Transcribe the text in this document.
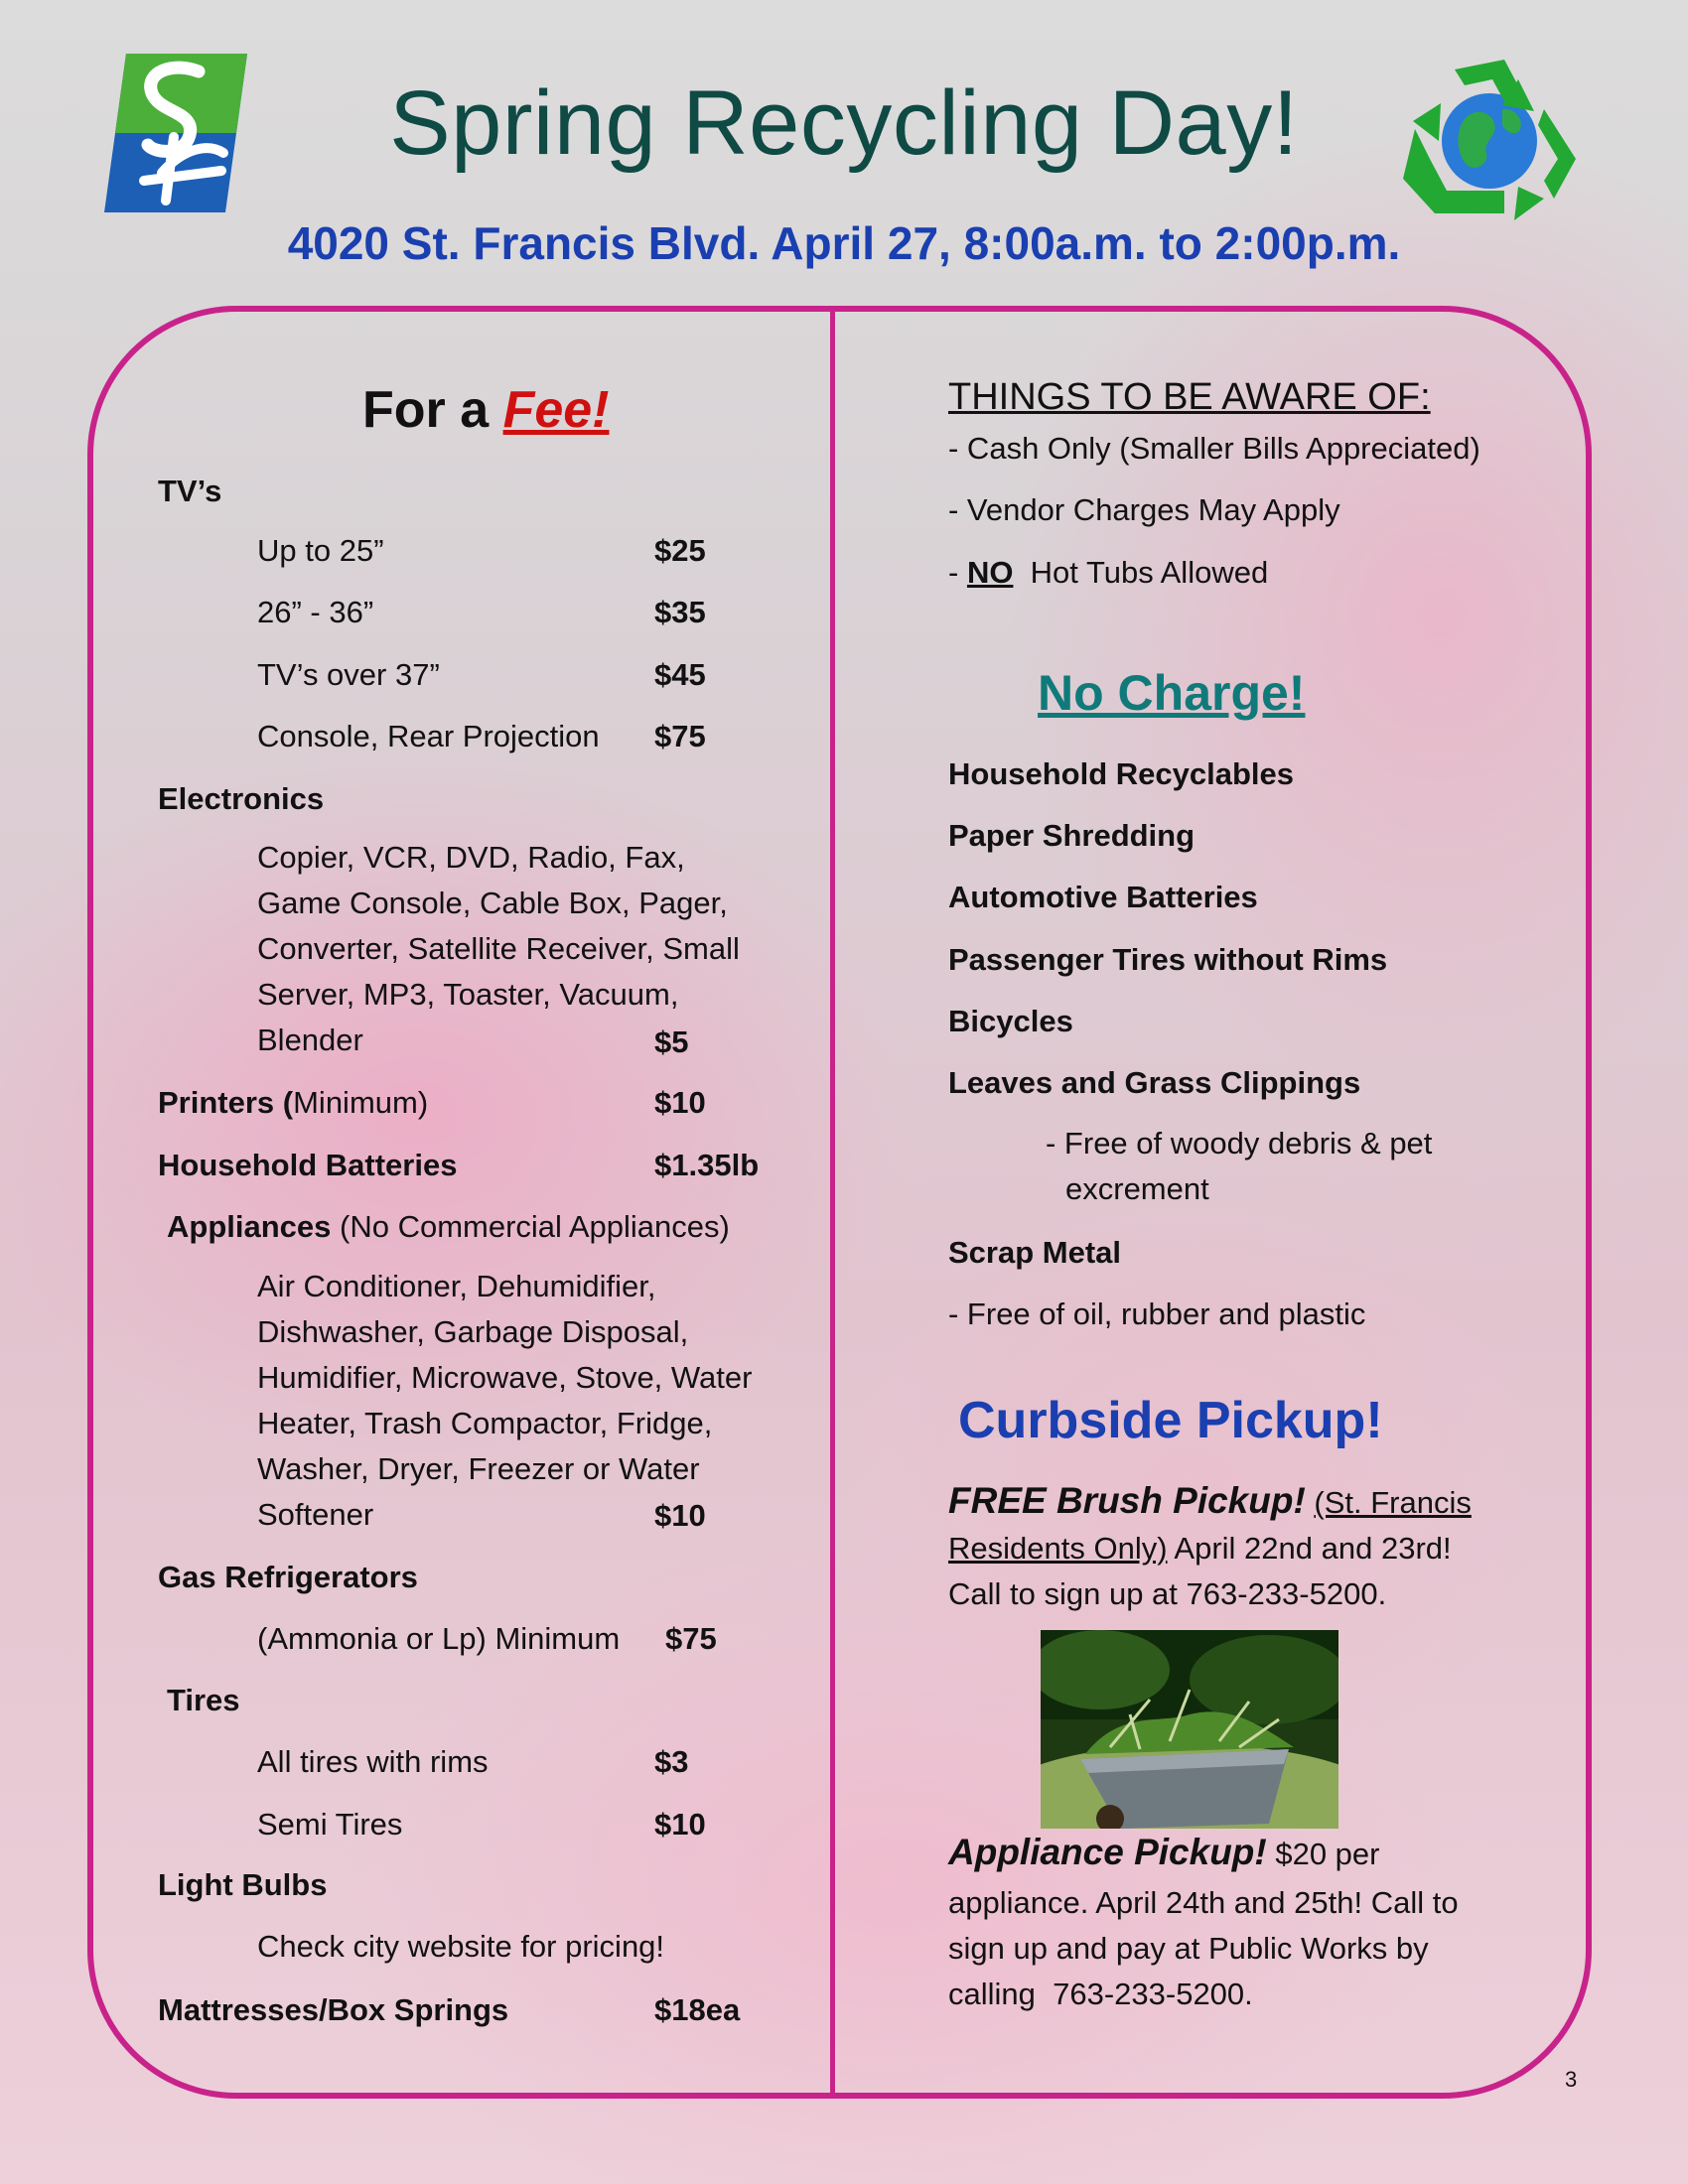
Spring Recycling Day!
4020 St. Francis Blvd. April 27, 8:00a.m. to 2:00p.m.
For a Fee!
TV’s
Up to 25”	$25
26” - 36”	$35
TV’s over 37”	$45
Console, Rear Projection $75
Electronics
Copier, VCR, DVD, Radio, Fax,
Game Console, Cable Box, Pager,
Converter, Satellite Receiver, Small
Server, MP3, Toaster, Vacuum,
Blender	$5
Printers (Minimum)	$10
Household Batteries	$1.35lb
Appliances (No Commercial Appliances)
Air Conditioner, Dehumidifier,
Dishwasher, Garbage Disposal,
Humidifier, Microwave, Stove, Water
Heater, Trash Compactor, Fridge,
Washer, Dryer, Freezer or Water
Softener	$10
Gas Refrigerators
(Ammonia or Lp) Minimum $75
Tires
All tires with rims	$3
Semi Tires	$10
Light Bulbs
Check city website for pricing!
Mattresses/Box Springs	$18ea
THINGS TO BE AWARE OF:
- Cash Only (Smaller Bills Appreciated)
- Vendor Charges May Apply
- NO  Hot Tubs Allowed
No Charge!
Household Recyclables
Paper Shredding
Automotive Batteries
Passenger Tires without Rims
Bicycles
Leaves and Grass Clippings
- Free of woody debris & pet
excrement
Scrap Metal
- Free of oil, rubber and plastic
Curbside Pickup!
FREE Brush Pickup! (St. Francis
Residents Only) April 22nd and 23rd!
Call to sign up at 763-233-5200.
Appliance Pickup! $20 per
appliance. April 24th and 25th! Call to
sign up and pay at Public Works by
calling  763-233-5200.
3
